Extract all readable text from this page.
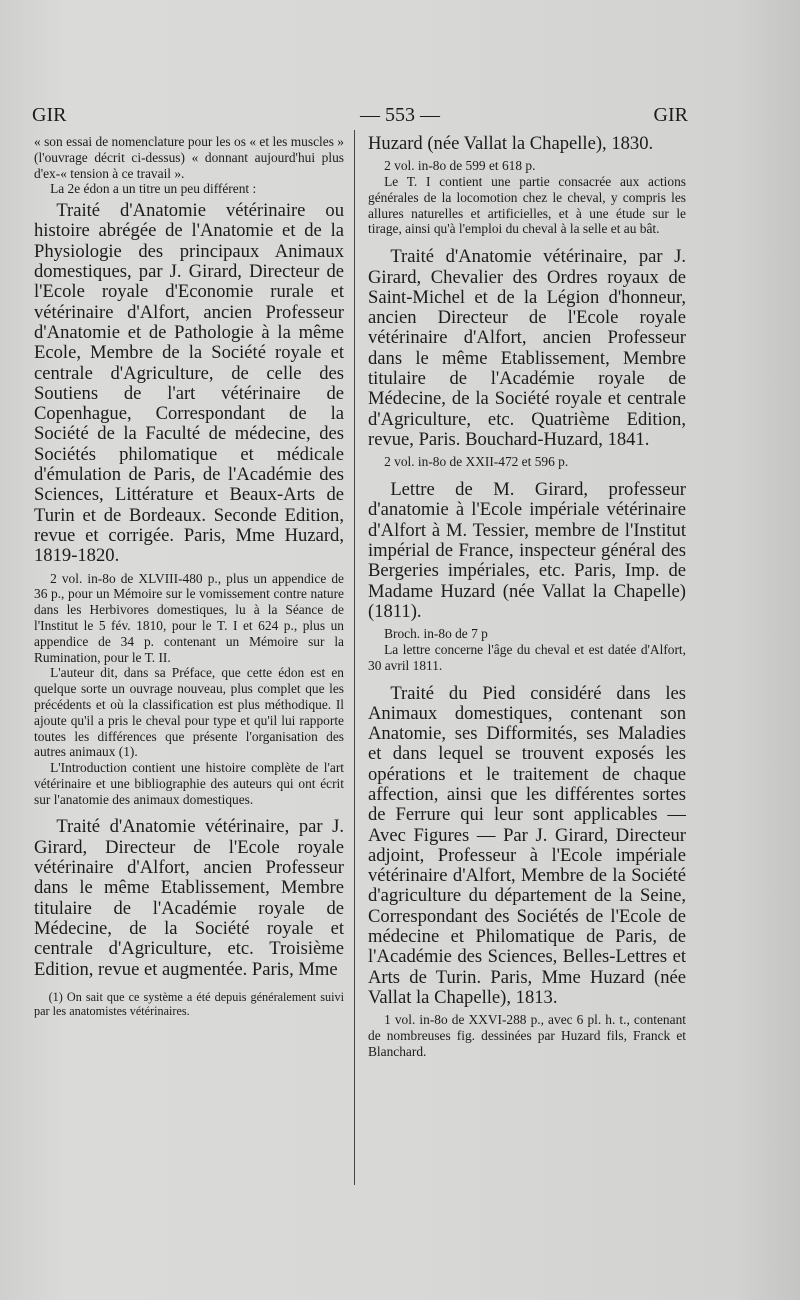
GIR	— 553 —	GIR

« son essai de nomenclature pour les os « et les muscles » (l'ouvrage décrit ci-dessus) « donnant aujourd'hui plus d'ex-« tension à ce travail ».

La 2e édon a un titre un peu différent :

Traité d'Anatomie vétérinaire ou histoire abrégée de l'Anatomie et de la Physiologie des principaux Animaux domestiques, par J. Girard, Directeur de l'Ecole royale d'Economie rurale et vétérinaire d'Alfort, ancien Professeur d'Anatomie et de Pathologie à la même Ecole, Membre de la Société royale et centrale d'Agriculture, de celle des Soutiens de l'art vétérinaire de Copenhague, Correspondant de la Société de la Faculté de médecine, des Sociétés philomatique et médicale d'émulation de Paris, de l'Académie des Sciences, Littérature et Beaux-Arts de Turin et de Bordeaux. Seconde Edition, revue et corrigée. Paris, Mme Huzard, 1819-1820.

2 vol. in-8o de XLVIII-480 p., plus un appendice de 36 p., pour un Mémoire sur le vomissement contre nature dans les Herbivores domestiques, lu à la Séance de l'Institut le 5 fév. 1810, pour le T. I et 624 p., plus un appendice de 34 p. contenant un Mémoire sur la Rumination, pour le T. II.

L'auteur dit, dans sa Préface, que cette édon est en quelque sorte un ouvrage nouveau, plus complet que les précédents et où la classification est plus méthodique. Il ajoute qu'il a pris le cheval pour type et qu'il lui rapporte toutes les différences que présente l'organisation des autres animaux (1).

L'Introduction contient une histoire complète de l'art vétérinaire et une bibliographie des auteurs qui ont écrit sur l'anatomie des animaux domestiques.

Traité d'Anatomie vétérinaire, par J. Girard, Directeur de l'Ecole royale vétérinaire d'Alfort, ancien Professeur dans le même Etablissement, Membre titulaire de l'Académie royale de Médecine, de la Société royale et centrale d'Agriculture, etc. Troisième Edition, revue et augmentée. Paris, Mme

(1) On sait que ce système a été depuis généralement suivi par les anatomistes vétérinaires.

Huzard (née Vallat la Chapelle), 1830.

2 vol. in-8o de 599 et 618 p.

Le T. I contient une partie consacrée aux actions générales de la locomotion chez le cheval, y compris les allures naturelles et artificielles, et à une étude sur le tirage, ainsi qu'à l'emploi du cheval à la selle et au bât.

Traité d'Anatomie vétérinaire, par J. Girard, Chevalier des Ordres royaux de Saint-Michel et de la Légion d'honneur, ancien Directeur de l'Ecole royale vétérinaire d'Alfort, ancien Professeur dans le même Etablissement, Membre titulaire de l'Académie royale de Médecine, de la Société royale et centrale d'Agriculture, etc. Quatrième Edition, revue, Paris. Bouchard-Huzard, 1841.

2 vol. in-8o de XXII-472 et 596 p.

Lettre de M. Girard, professeur d'anatomie à l'Ecole impériale vétérinaire d'Alfort à M. Tessier, membre de l'Institut impérial de France, inspecteur général des Bergeries impériales, etc. Paris, Imp. de Madame Huzard (née Vallat la Chapelle) (1811).

Broch. in-8o de 7 p

La lettre concerne l'âge du cheval et est datée d'Alfort, 30 avril 1811.

Traité du Pied considéré dans les Animaux domestiques, contenant son Anatomie, ses Difformités, ses Maladies et dans lequel se trouvent exposés les opérations et le traitement de chaque affection, ainsi que les différentes sortes de Ferrure qui leur sont applicables — Avec Figures — Par J. Girard, Directeur adjoint, Professeur à l'Ecole impériale vétérinaire d'Alfort, Membre de la Société d'agriculture du département de la Seine, Correspondant des Sociétés de l'Ecole de médecine et Philomatique de Paris, de l'Académie des Sciences, Belles-Lettres et Arts de Turin. Paris, Mme Huzard (née Vallat la Chapelle), 1813.

1 vol. in-8o de XXVI-288 p., avec 6 pl. h. t., contenant de nombreuses fig. dessinées par Huzard fils, Franck et Blanchard.
